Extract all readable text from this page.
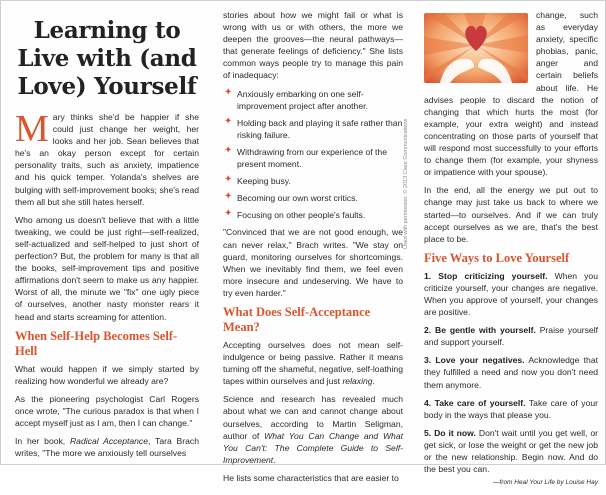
Learning to
Live with (and
Love) Yourself

Mary thinks she'd be happier if she could just change her weight, her looks and her job. Sean believes that he's an okay person except for certain personality traits, such as anxiety, impatience and his quick temper. Yolanda's shelves are bulging with self-improvement books; she's read them all but she still hates herself.

Who among us doesn't believe that with a little tweaking, we could be just right—self-realized, self-actualized and self-helped to just short of perfection? But, the problem for many is that all the books, self-improvement tips and positive affirmations don't seem to make us any happier. Worst of all, the minute we "fix" one ugly piece of ourselves, another nasty monster rears it head and starts screaming for attention.

When Self-Help Becomes Self-Hell

What would happen if we simply started by realizing how wonderful we already are?

As the pioneering psychologist Carl Rogers once wrote, "The curious paradox is that when I accept myself just as I am, then I can change."

In her book, Radical Acceptance, Tara Brach writes, "The more we anxiously tell ourselves

stories about how we might fail or what is wrong with us or with others, the more we deepen the grooves—the neural pathways—that generate feelings of deficiency." She lists common ways people try to manage this pain of inadequacy:

✦ Anxiously embarking on one self-improvement project after another.
✦ Holding back and playing it safe rather than risking failure.
✦ Withdrawing from our experience of the present moment.
✦ Keeping busy.
✦ Becoming our own worst critics.
✦ Focusing on other people's faults.

"Convinced that we are not good enough, we can never relax," Brach writes. "We stay on guard, monitoring ourselves for shortcomings. When we inevitably find them, we feel even more insecure and undeserving. We have to try even harder."

What Does Self-Acceptance Mean?

Accepting ourselves does not mean self-indulgence or being passive. Rather it means turning off the shameful, negative, self-loathing tapes within ourselves and just relaxing.

Science and research has revealed much about what we can and cannot change about ourselves, according to Martin Seligman, author of What You Can Change and What You Can't: The Complete Guide to Self-Improvement.

He lists some characteristics that are easier to

Used with permission. © 2013 Clare Communications

change, such as everyday anxiety, specific phobias, panic, anger and certain beliefs about life. He advises people to discard the notion of changing that which hurts the most (for example, your extra weight) and instead concentrating on those parts of yourself that will respond most successfully to your efforts to change them (for example, your shyness or impatience with your spouse).

In the end, all the energy we put out to change may just take us back to where we started—to ourselves. And if we can truly accept ourselves as we are, that's the best place to be.

Five Ways to Love Yourself
1. Stop criticizing yourself. When you criticize yourself, your changes are negative. When you approve of yourself, your changes are positive.
2. Be gentle with yourself. Praise yourself and support yourself.
3. Love your negatives. Acknowledge that they fulfilled a need and now you don't need them anymore.
4. Take care of yourself. Take care of your body in the ways that please you.
5. Do it now. Don't wait until you get well, or get sick, or lose the weight or get the new job or the new relationship. Begin now. And do the best you can.
—from Heal Your Life by Louise Hay
